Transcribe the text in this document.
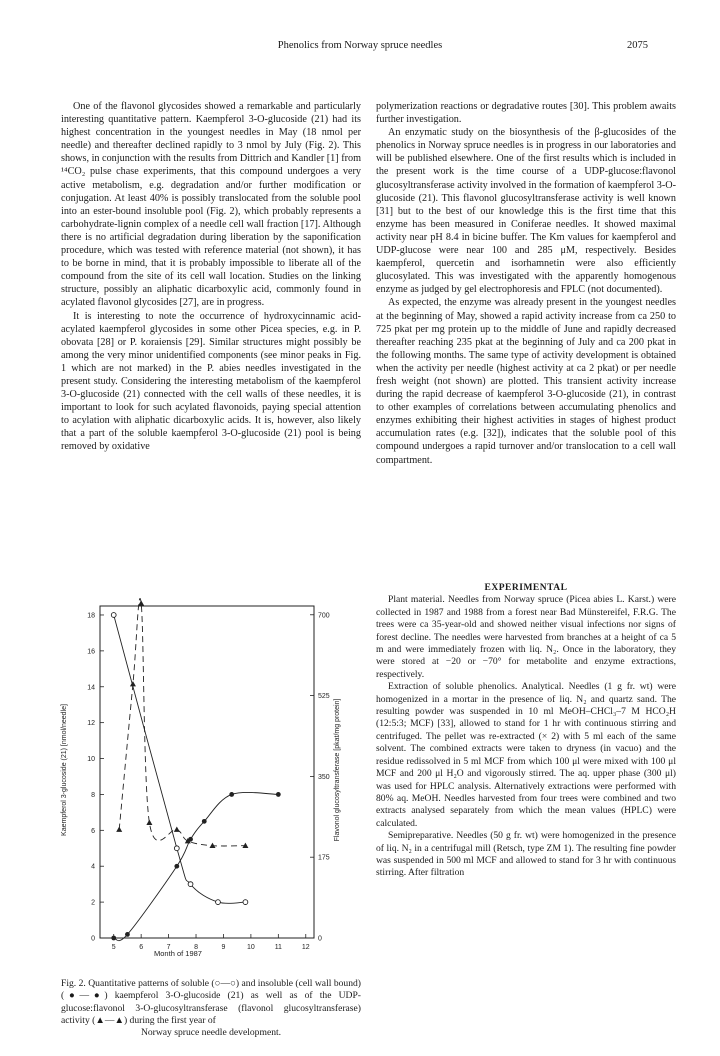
Phenolics from Norway spruce needles	2075

One of the flavonol glycosides showed a remarkable and particularly interesting quantitative pattern. Kaempferol 3-O-glucoside (21) had its highest concentration in the youngest needles in May (18 nmol per needle) and thereafter declined rapidly to 3 nmol by July (Fig. 2). This shows, in conjunction with the results from Dittrich and Kandler [1] from ¹⁴CO₂ pulse chase experiments, that this compound undergoes a very active metabolism, e.g. degradation and/or further modification or conjugation. At least 40% is possibly translocated from the soluble pool into an ester-bound insoluble pool (Fig. 2), which probably represents a carbohydrate-lignin complex of a needle cell wall fraction [17]. Although there is no artificial degradation during liberation by the saponification procedure, which was tested with reference material (not shown), it has to be borne in mind, that it is probably impossible to liberate all of the compound from the site of its cell wall location. Studies on the linking structure, possibly an aliphatic dicarboxylic acid, commonly found in acylated flavonol glycosides [27], are in progress.

It is interesting to note the occurrence of hydroxycinnamic acid-acylated kaempferol glycosides in some other Picea species, e.g. in P. obovata [28] or P. koraiensis [29]. Similar structures might possibly be among the very minor unidentified components (see minor peaks in Fig. 1 which are not marked) in the P. abies needles investigated in the present study. Considering the interesting metabolism of the kaempferol 3-O-glucoside (21) connected with the cell walls of these needles, it is important to look for such acylated flavonoids, paying special attention to acylation with aliphatic dicarboxylic acids. It is, however, also likely that a part of the soluble kaempferol 3-O-glucoside (21) pool is being removed by oxidative

polymerization reactions or degradative routes [30]. This problem awaits further investigation.

An enzymatic study on the biosynthesis of the β-glucosides of the phenolics in Norway spruce needles is in progress in our laboratories and will be published elsewhere. One of the first results which is included in the present work is the time course of a UDP-glucose:flavonol glucosyltransferase activity involved in the formation of kaempferol 3-O-glucoside (21). This flavonol glucosyltransferase activity is well known [31] but to the best of our knowledge this is the first time that this enzyme has been measured in Coniferae needles. It showed maximal activity near pH 8.4 in bicine buffer. The Km values for kaempferol and UDP-glucose were near 100 and 285 μM, respectively. Besides kaempferol, quercetin and isorhamnetin were also efficiently glucosylated. This was investigated with the apparently homogenous enzyme as judged by gel electrophoresis and FPLC (not documented).

As expected, the enzyme was already present in the youngest needles at the beginning of May, showed a rapid activity increase from ca 250 to 725 pkat per mg protein up to the middle of June and rapidly decreased thereafter reaching 235 pkat at the beginning of July and ca 200 pkat in the following months. The same type of activity development is obtained when the activity per needle (highest activity at ca 2 pkat) or per needle fresh weight (not shown) are plotted. This transient activity increase during the rapid decrease of kaempferol 3-O-glucoside (21), in contrast to other examples of correlations between accumulating phenolics and enzymes exhibiting their highest activities in stages of highest product accumulation rates (e.g. [32]), indicates that the soluble pool of this compound undergoes a rapid turnover and/or translocation to a cell wall compartment.

EXPERIMENTAL

Plant material. Needles from Norway spruce (Picea abies L. Karst.) were collected in 1987 and 1988 from a forest near Bad Münstereifel, F.R.G. The trees were ca 35-year-old and showed neither visual infections nor signs of forest decline. The needles were harvested from branches at a height of ca 5 m and were immediately frozen with liq. N₂. Once in the laboratory, they were stored at −20 or −70° for metabolite and enzyme extractions, respectively.

Extraction of soluble phenolics. Analytical. Needles (1 g fr. wt) were homogenized in a mortar in the presence of liq. N₂ and quartz sand. The resulting powder was suspended in 10 ml MeOH–CHCl₃–7 M HCO₂H (12:5:3; MCF) [33], allowed to stand for 1 hr with continuous stirring and centrifuged. The pellet was re-extracted (× 2) with 5 ml each of the same solvent. The combined extracts were taken to dryness (in vacuo) and the residue redissolved in 5 ml MCF from which 100 μl were mixed with 100 μl MCF and 200 μl H₂O and vigorously stirred. The aq. upper phase (300 μl) was used for HPLC analysis. Alternatively extractions were performed with 80% aq. MeOH. Needles harvested from four trees were combined and two extracts analysed separately from which the mean values (HPLC) were calculated.

Semipreparative. Needles (50 g fr. wt) were homogenized in the presence of liq. N₂ in a centrifugal mill (Retsch, type ZM 1). The resulting fine powder was suspended in 500 ml MCF and allowed to stand for 3 hr with continuous stirring. After filtration

5	6	7	8	9	10	11	12
0
2
4
6
8
10
12
14
16
18
0
175
350
525
700
Month of 1987
Kaempferol 3-glucoside (21) [nmol/needle]	Flavonol glucosyltransferase [pkat/mg protein]
Fig. 2. Quantitative patterns of soluble (○—○) and insoluble (cell wall bound) (●—●) kaempferol 3-O-glucoside (21) as well as of the UDP-glucose:flavonol 3-O-glucosyltransferase (flavonol glucosyltransferase) activity (▲––▲) during the first year of
Norway spruce needle development.
